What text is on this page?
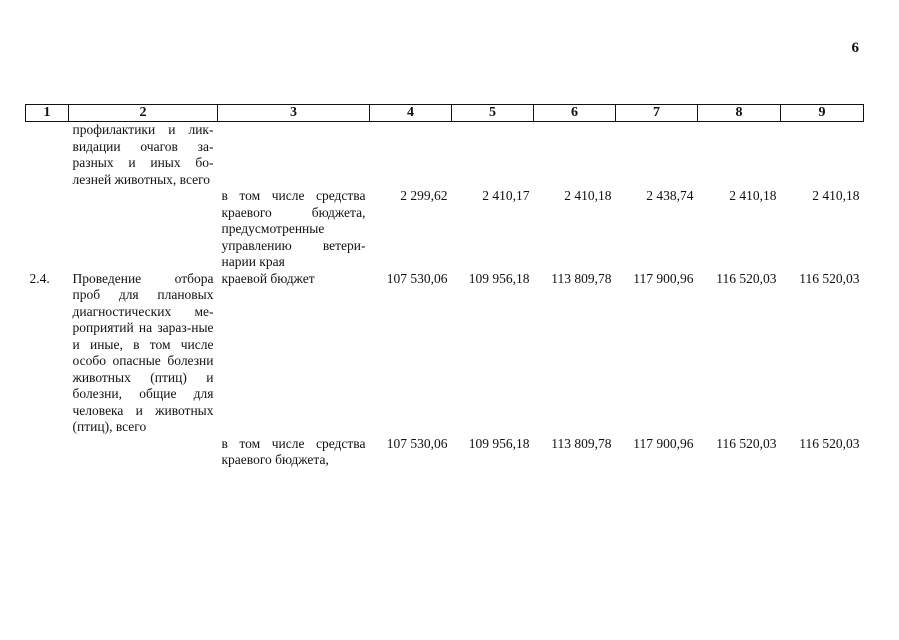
6
1	2	3	4	5	6	7	8	9
	профилактики и лик-видации очагов за-разных и иных бо-лезней животных, всего							
		в том числе средства краевого бюджета, предусмотренные управлению ветери-нарии края	2 299,62	2 410,17	2 410,18	2 438,74	2 410,18	2 410,18
2.4.	Проведение отбора проб для плановых диагностических ме-роприятий на зараз-ные и иные, в том числе особо опасные болезни животных (птиц) и болезни, общие для человека и животных (птиц), всего	краевой бюджет	107 530,06	109 956,18	113 809,78	117 900,96	116 520,03	116 520,03
		в том числе средства краевого бюджета,	107 530,06	109 956,18	113 809,78	117 900,96	116 520,03	116 520,03
